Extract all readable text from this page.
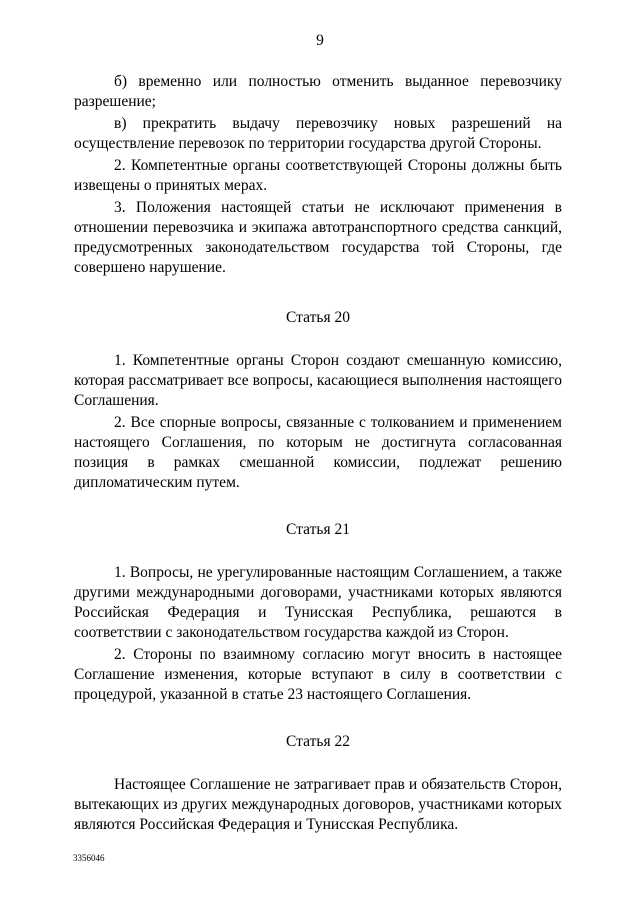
9

б) временно или полностью отменить выданное перевозчику разрешение;

в) прекратить выдачу перевозчику новых разрешений на осуществление перевозок по территории государства другой Стороны.

2. Компетентные органы соответствующей Стороны должны быть извещены о принятых мерах.

3. Положения настоящей статьи не исключают применения в отношении перевозчика и экипажа автотранспортного средства санкций, предусмотренных законодательством государства той Стороны, где совершено нарушение.

Статья 20

1. Компетентные органы Сторон создают смешанную комиссию, которая рассматривает все вопросы, касающиеся выполнения настоящего Соглашения.

2. Все спорные вопросы, связанные с толкованием и применением настоящего Соглашения, по которым не достигнута согласованная позиция в рамках смешанной комиссии, подлежат решению дипломатическим путем.

Статья 21

1. Вопросы, не урегулированные настоящим Соглашением, а также другими международными договорами, участниками которых являются Российская Федерация и Тунисская Республика, решаются в соответствии с законодательством государства каждой из Сторон.

2. Стороны по взаимному согласию могут вносить в настоящее Соглашение изменения, которые вступают в силу в соответствии с процедурой, указанной в статье 23 настоящего Соглашения.

Статья 22

Настоящее Соглашение не затрагивает прав и обязательств Сторон, вытекающих из других международных договоров, участниками которых являются Российская Федерация и Тунисская Республика.

3356046
